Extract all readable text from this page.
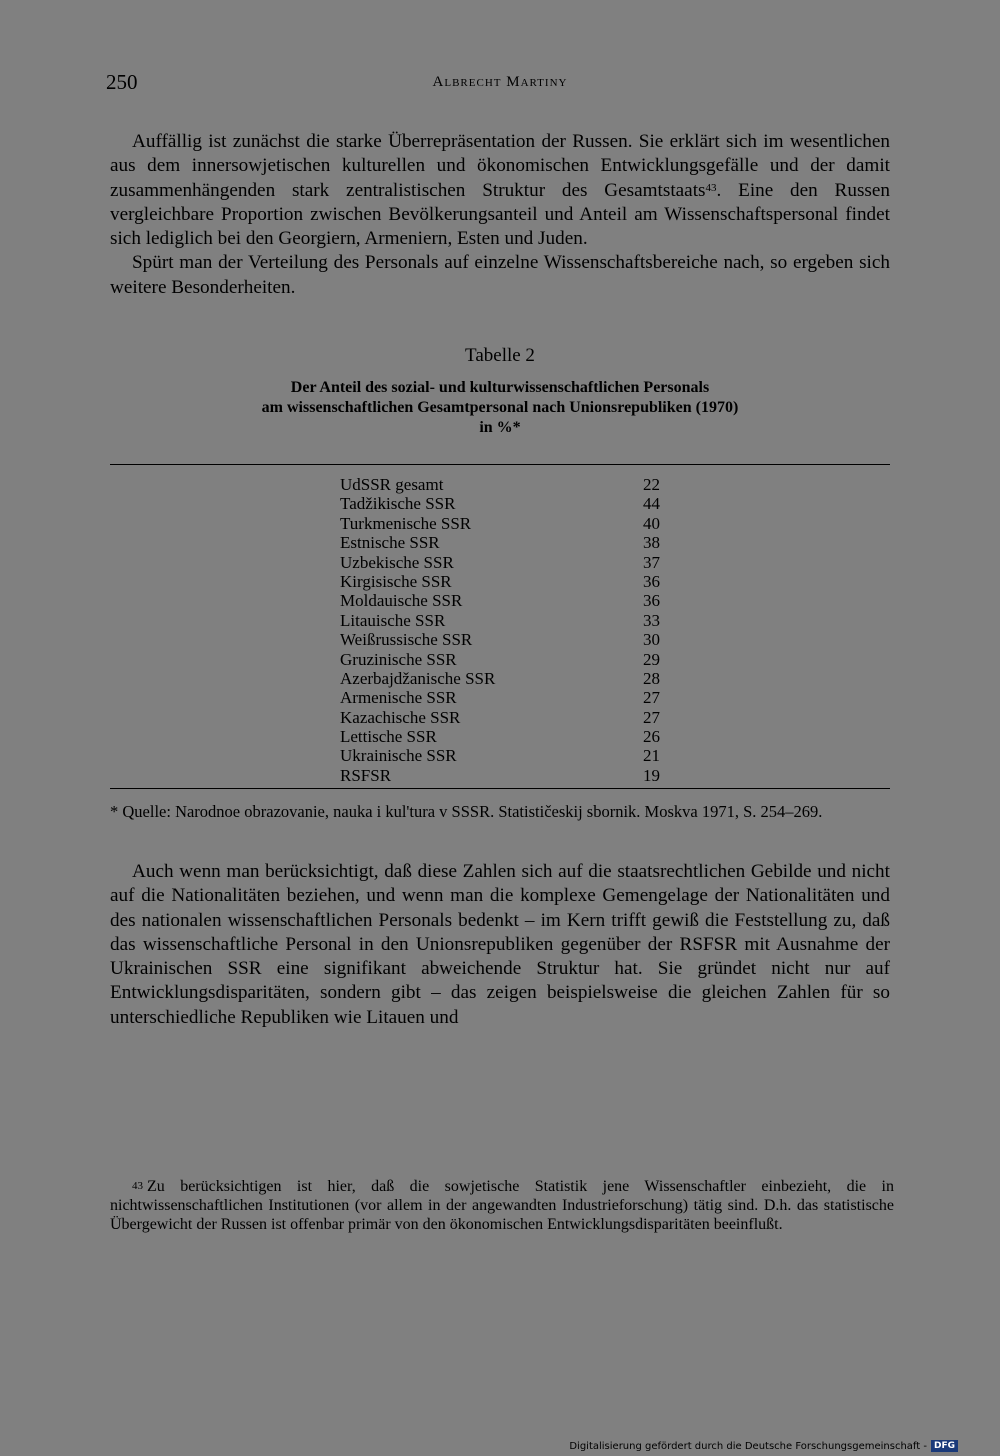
250	Albrecht Martiny

Auffällig ist zunächst die starke Überrepräsentation der Russen. Sie erklärt sich im wesentlichen aus dem innersowjetischen kulturellen und ökonomischen Entwicklungsgefälle und der damit zusammenhängenden stark zentralistischen Struktur des Gesamtstaats$^{43}$. Eine den Russen vergleichbare Proportion zwischen Bevölkerungsanteil und Anteil am Wissenschaftspersonal findet sich lediglich bei den Georgiern, Armeniern, Esten und Juden.

Spürt man der Verteilung des Personals auf einzelne Wissenschaftsbereiche nach, so ergeben sich weitere Besonderheiten.

Tabelle 2
Der Anteil des sozial- und kulturwissenschaftlichen Personals
am wissenschaftlichen Gesamtpersonal nach Unionsrepubliken (1970)
in %*
UdSSR gesamt	22
Tadžikische SSR	44
Turkmenische SSR	40
Estnische SSR	38
Uzbekische SSR	37
Kirgisische SSR	36
Moldauische SSR	36
Litauische SSR	33
Weißrussische SSR	30
Gruzinische SSR	29
Azerbajdžanische SSR	28
Armenische SSR	27
Kazachische SSR	27
Lettische SSR	26
Ukrainische SSR	21
RSFSR	19
* Quelle: Narodnoe obrazovanie, nauka i kul'tura v SSSR. Statističeskij sbornik. Moskva 1971, S. 254–269.

Auch wenn man berücksichtigt, daß diese Zahlen sich auf die staatsrechtlichen Gebilde und nicht auf die Nationalitäten beziehen, und wenn man die komplexe Gemengelage der Nationalitäten und des nationalen wissenschaftlichen Personals bedenkt – im Kern trifft gewiß die Feststellung zu, daß das wissenschaftliche Personal in den Unionsrepubliken gegenüber der RSFSR mit Ausnahme der Ukrainischen SSR eine signifikant abweichende Struktur hat. Sie gründet nicht nur auf Entwicklungsdisparitäten, sondern gibt – das zeigen beispielsweise die gleichen Zahlen für so unterschiedliche Republiken wie Litauen und

$^{43}$ Zu berücksichtigen ist hier, daß die sowjetische Statistik jene Wissenschaftler einbezieht, die in nichtwissenschaftlichen Institutionen (vor allem in der angewandten Industrieforschung) tätig sind. D.h. das statistische Übergewicht der Russen ist offenbar primär von den ökonomischen Entwicklungsdisparitäten beeinflußt.
Digitalisierung gefördert durch die Deutsche Forschungsgemeinschaft - DFG
